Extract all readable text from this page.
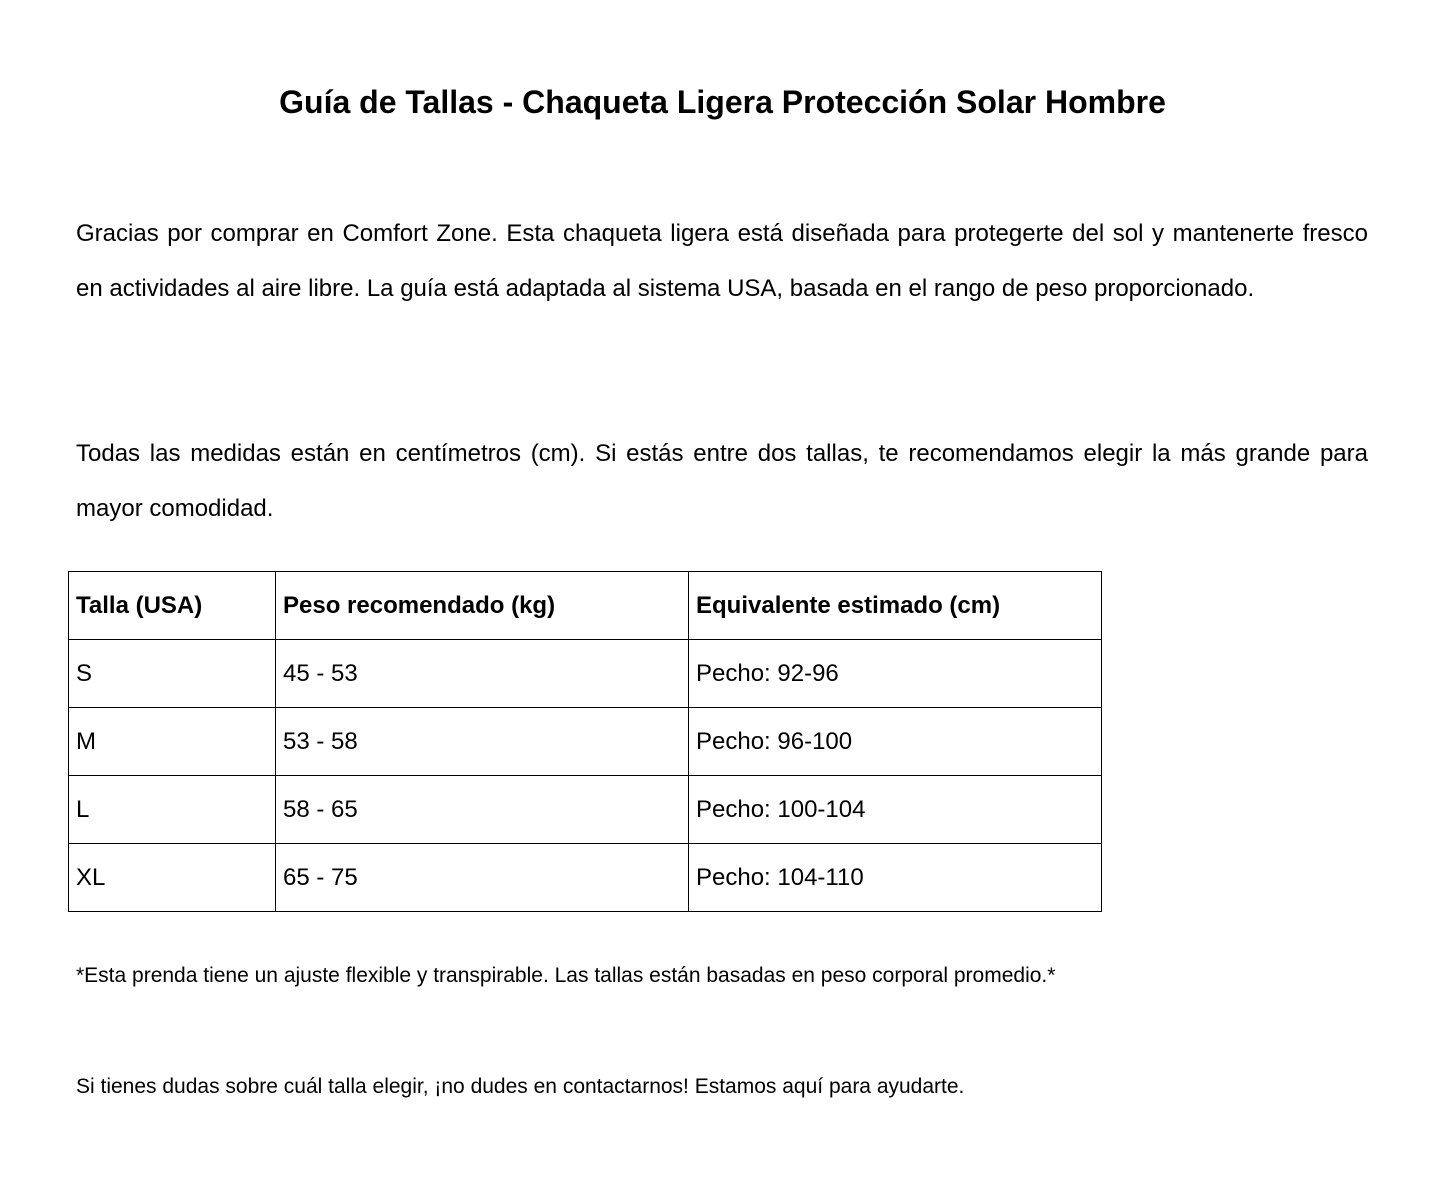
Guía de Tallas - Chaqueta Ligera Protección Solar Hombre

Gracias por comprar en Comfort Zone. Esta chaqueta ligera está diseñada para protegerte del sol y mantenerte fresco en actividades al aire libre. La guía está adaptada al sistema USA, basada en el rango de peso proporcionado.

Todas las medidas están en centímetros (cm). Si estás entre dos tallas, te recomendamos elegir la más grande para mayor comodidad.

Talla (USA)	Peso recomendado (kg)	Equivalente estimado (cm)
S	45 - 53	Pecho: 92-96
M	53 - 58	Pecho: 96-100
L	58 - 65	Pecho: 100-104
XL	65 - 75	Pecho: 104-110

*Esta prenda tiene un ajuste flexible y transpirable. Las tallas están basadas en peso corporal promedio.*

Si tienes dudas sobre cuál talla elegir, ¡no dudes en contactarnos! Estamos aquí para ayudarte.
